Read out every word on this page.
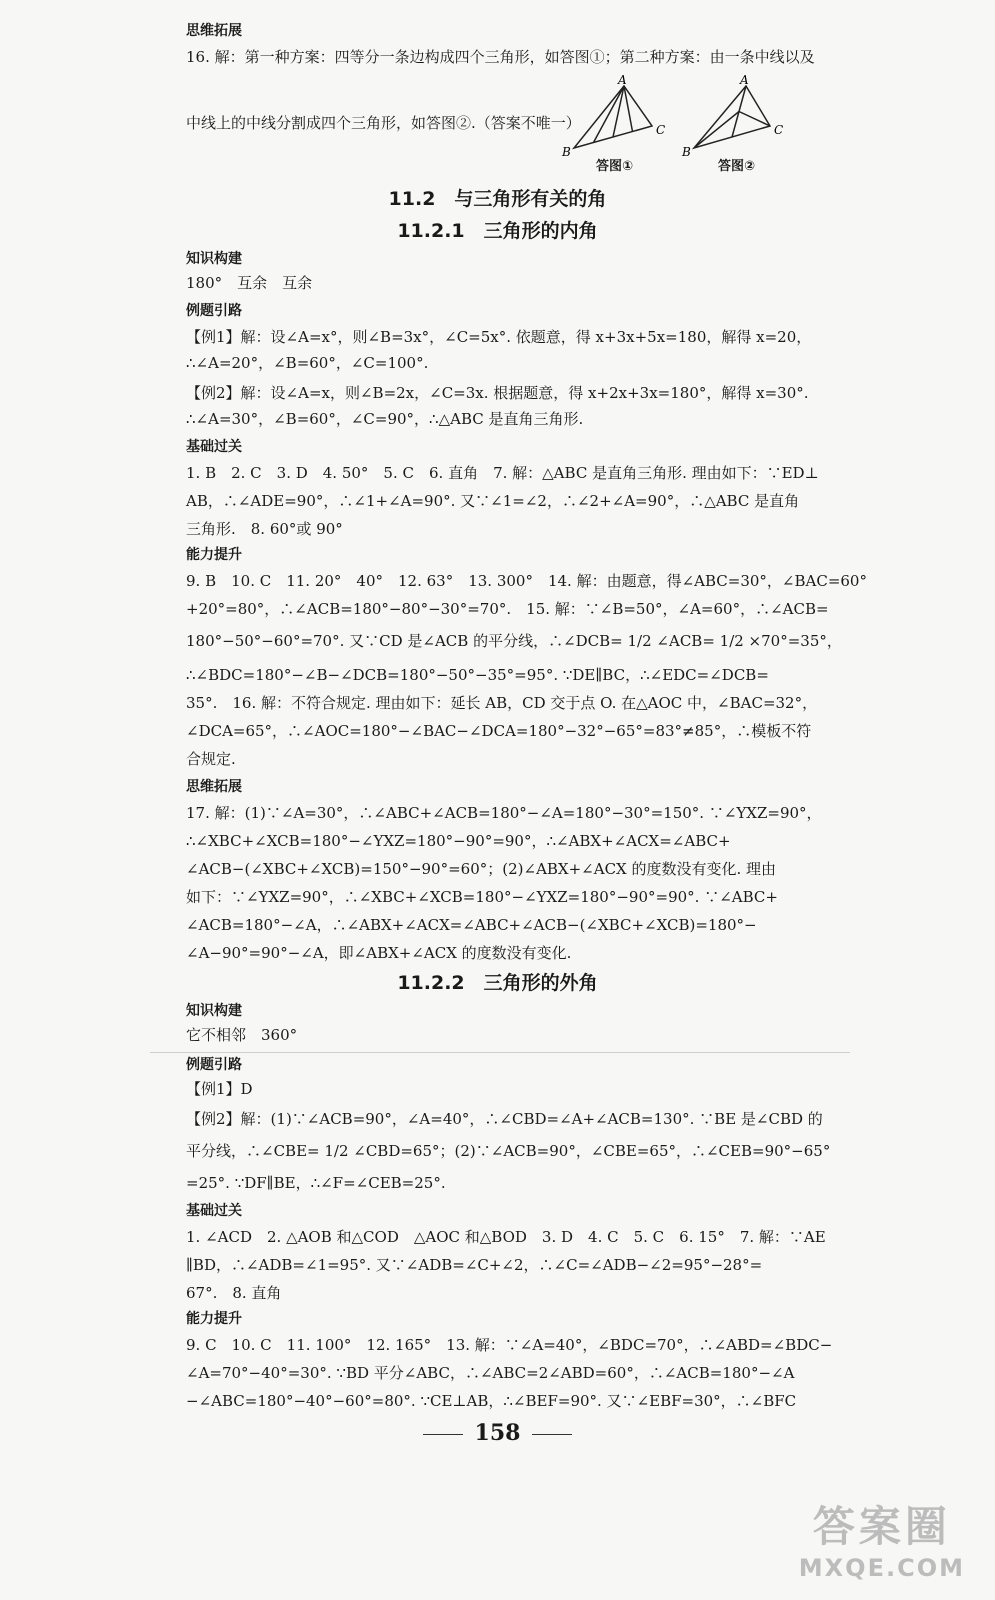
思维拓展
16. 解：第一种方案：四等分一条边构成四个三角形，如答图①；第二种方案：由一条中线以及
A
B
C
A
B
C
中线上的中线分割成四个三角形，如答图②.（答案不唯一）
答图①	答图②
11.2　与三角形有关的角
11.2.1　三角形的内角
知识构建
180°　互余　互余
例题引路
【例1】解：设∠A=x°，则∠B=3x°，∠C=5x°. 依题意，得 x+3x+5x=180，解得 x=20，
∴∠A=20°，∠B=60°，∠C=100°.
【例2】解：设∠A=x，则∠B=2x，∠C=3x. 根据题意，得 x+2x+3x=180°，解得 x=30°.
∴∠A=30°，∠B=60°，∠C=90°，∴△ABC 是直角三角形.
基础过关
1. B　2. C　3. D　4. 50°　5. C　6. 直角　7. 解：△ABC 是直角三角形. 理由如下：∵ED⊥
AB，∴∠ADE=90°，∴∠1+∠A=90°. 又∵∠1=∠2，∴∠2+∠A=90°，∴△ABC 是直角
三角形.　8. 60°或 90°
能力提升
9. B　10. C　11. 20°　40°　12. 63°　13. 300°　14. 解：由题意，得∠ABC=30°，∠BAC=60°
+20°=80°，∴∠ACB=180°−80°−30°=70°.　15. 解：∵∠B=50°，∠A=60°，∴∠ACB=
180°−50°−60°=70°. 又∵CD 是∠ACB 的平分线，∴∠DCB= 1/2 ∠ACB= 1/2 ×70°=35°，
∴∠BDC=180°−∠B−∠DCB=180°−50°−35°=95°. ∵DE∥BC，∴∠EDC=∠DCB=
35°.　16. 解：不符合规定. 理由如下：延长 AB，CD 交于点 O. 在△AOC 中，∠BAC=32°，
∠DCA=65°，∴∠AOC=180°−∠BAC−∠DCA=180°−32°−65°=83°≠85°，∴模板不符
合规定.
思维拓展
17. 解：(1)∵∠A=30°，∴∠ABC+∠ACB=180°−∠A=180°−30°=150°. ∵∠YXZ=90°，
∴∠XBC+∠XCB=180°−∠YXZ=180°−90°=90°，∴∠ABX+∠ACX=∠ABC+
∠ACB−(∠XBC+∠XCB)=150°−90°=60°；(2)∠ABX+∠ACX 的度数没有变化. 理由
如下：∵∠YXZ=90°，∴∠XBC+∠XCB=180°−∠YXZ=180°−90°=90°. ∵∠ABC+
∠ACB=180°−∠A，∴∠ABX+∠ACX=∠ABC+∠ACB−(∠XBC+∠XCB)=180°−
∠A−90°=90°−∠A，即∠ABX+∠ACX 的度数没有变化.
11.2.2　三角形的外角
知识构建
它不相邻　360°
例题引路
【例1】D
【例2】解：(1)∵∠ACB=90°，∠A=40°，∴∠CBD=∠A+∠ACB=130°. ∵BE 是∠CBD 的
平分线，∴∠CBE= 1/2 ∠CBD=65°；(2)∵∠ACB=90°，∠CBE=65°，∴∠CEB=90°−65°
=25°. ∵DF∥BE，∴∠F=∠CEB=25°.
基础过关
1. ∠ACD　2. △AOB 和△COD　△AOC 和△BOD　3. D　4. C　5. C　6. 15°　7. 解：∵AE
∥BD，∴∠ADB=∠1=95°. 又∵∠ADB=∠C+∠2，∴∠C=∠ADB−∠2=95°−28°=
67°.　8. 直角
能力提升
9. C　10. C　11. 100°　12. 165°　13. 解：∵∠A=40°，∠BDC=70°，∴∠ABD=∠BDC−
∠A=70°−40°=30°. ∵BD 平分∠ABC，∴∠ABC=2∠ABD=60°，∴∠ACB=180°−∠A
−∠ABC=180°−40°−60°=80°. ∵CE⊥AB，∴∠BEF=90°. 又∵∠EBF=30°，∴∠BFC
158
答案圈
MXQE.COM
